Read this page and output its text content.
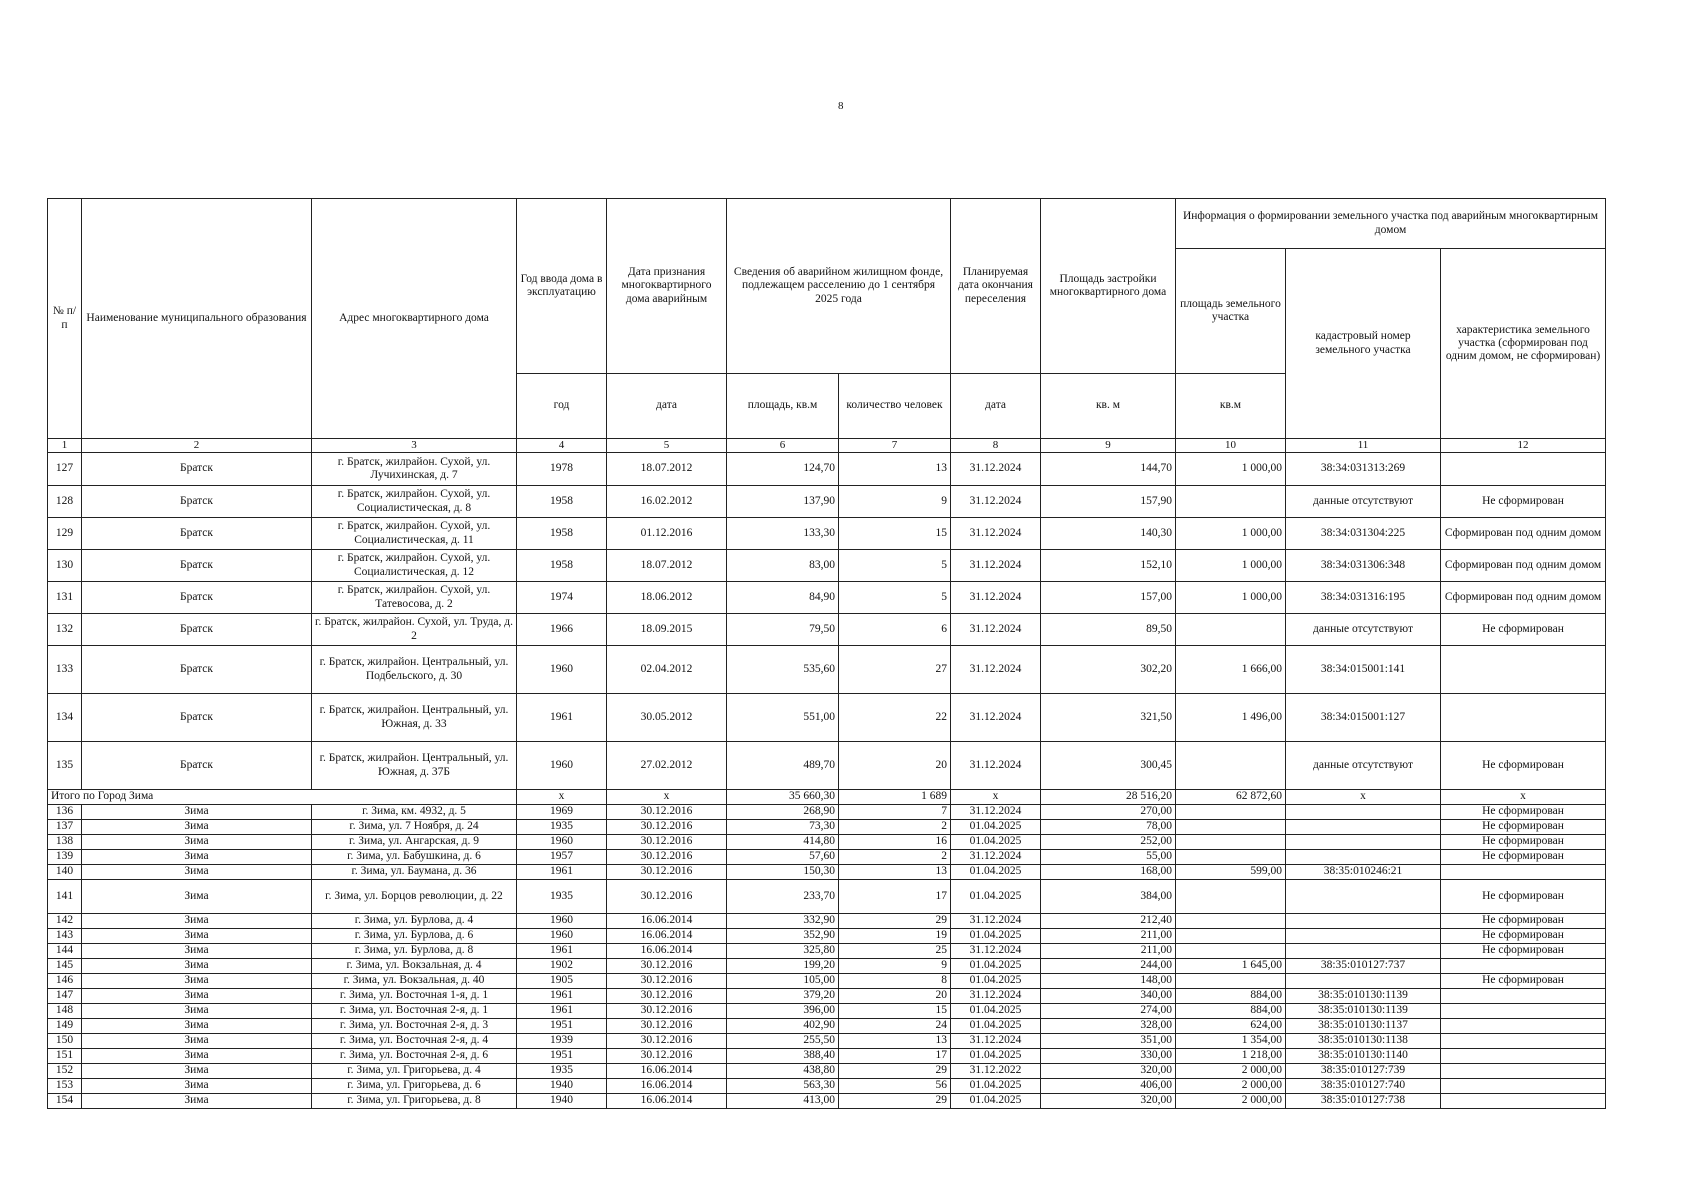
8
№ п/п	Наименование муниципального образования	Адрес многоквартирного дома	Год ввода дома в эксплуатацию	Дата признания многоквартирного дома аварийным	Сведения об аварийном жилищном фонде, подлежащем расселению до 1 сентября 2025 года		Планируемая дата окончания переселения	Площадь застройки многоквартирного дома	Информация о формировании земельного участка под аварийным многоквартирным домом		
									площадь земельного участка	кадастровый номер земельного участка	характеристика земельного участка (сформирован под одним домом, не сформирован)
			год	дата	площадь, кв.м	количество человек	дата	кв. м	кв.м		
1	2	3	4	5	6	7	8	9	10	11	12
127	Братск	г. Братск, жилрайон. Сухой, ул. Лучихинская, д. 7	1978	18.07.2012	124,70	13	31.12.2024	144,70	1 000,00	38:34:031313:269	
128	Братск	г. Братск, жилрайон. Сухой, ул. Социалистическая, д. 8	1958	16.02.2012	137,90	9	31.12.2024	157,90		данные отсутствуют	Не сформирован
129	Братск	г. Братск, жилрайон. Сухой, ул. Социалистическая, д. 11	1958	01.12.2016	133,30	15	31.12.2024	140,30	1 000,00	38:34:031304:225	Сформирован под одним домом
130	Братск	г. Братск, жилрайон. Сухой, ул. Социалистическая, д. 12	1958	18.07.2012	83,00	5	31.12.2024	152,10	1 000,00	38:34:031306:348	Сформирован под одним домом
131	Братск	г. Братск, жилрайон. Сухой, ул. Татевосова, д. 2	1974	18.06.2012	84,90	5	31.12.2024	157,00	1 000,00	38:34:031316:195	Сформирован под одним домом
132	Братск	г. Братск, жилрайон. Сухой, ул. Труда, д. 2	1966	18.09.2015	79,50	6	31.12.2024	89,50		данные отсутствуют	Не сформирован
133	Братск	г. Братск, жилрайон. Центральный, ул. Подбельского, д. 30	1960	02.04.2012	535,60	27	31.12.2024	302,20	1 666,00	38:34:015001:141	
134	Братск	г. Братск, жилрайон. Центральный, ул. Южная, д. 33	1961	30.05.2012	551,00	22	31.12.2024	321,50	1 496,00	38:34:015001:127	
135	Братск	г. Братск, жилрайон. Центральный, ул. Южная, д. 37Б	1960	27.02.2012	489,70	20	31.12.2024	300,45		данные отсутствуют	Не сформирован
Итого по Город Зима			x	x	35 660,30	1 689	x	28 516,20	62 872,60	x	x
136	Зима	г. Зима, км. 4932, д. 5	1969	30.12.2016	268,90	7	31.12.2024	270,00			Не сформирован
137	Зима	г. Зима, ул. 7 Ноября, д. 24	1935	30.12.2016	73,30	2	01.04.2025	78,00			Не сформирован
138	Зима	г. Зима, ул. Ангарская, д. 9	1960	30.12.2016	414,80	16	01.04.2025	252,00			Не сформирован
139	Зима	г. Зима, ул. Бабушкина, д. 6	1957	30.12.2016	57,60	2	31.12.2024	55,00			Не сформирован
140	Зима	г. Зима, ул. Баумана, д. 36	1961	30.12.2016	150,30	13	01.04.2025	168,00	599,00	38:35:010246:21	
141	Зима	г. Зима, ул. Борцов революции, д. 22	1935	30.12.2016	233,70	17	01.04.2025	384,00			Не сформирован
142	Зима	г. Зима, ул. Бурлова, д. 4	1960	16.06.2014	332,90	29	31.12.2024	212,40			Не сформирован
143	Зима	г. Зима, ул. Бурлова, д. 6	1960	16.06.2014	352,90	19	01.04.2025	211,00			Не сформирован
144	Зима	г. Зима, ул. Бурлова, д. 8	1961	16.06.2014	325,80	25	31.12.2024	211,00			Не сформирован
145	Зима	г. Зима, ул. Вокзальная, д. 4	1902	30.12.2016	199,20	9	01.04.2025	244,00	1 645,00	38:35:010127:737	
146	Зима	г. Зима, ул. Вокзальная, д. 40	1905	30.12.2016	105,00	8	01.04.2025	148,00			Не сформирован
147	Зима	г. Зима, ул. Восточная 1-я, д. 1	1961	30.12.2016	379,20	20	31.12.2024	340,00	884,00	38:35:010130:1139	
148	Зима	г. Зима, ул. Восточная 2-я, д. 1	1961	30.12.2016	396,00	15	01.04.2025	274,00	884,00	38:35:010130:1139	
149	Зима	г. Зима, ул. Восточная 2-я, д. 3	1951	30.12.2016	402,90	24	01.04.2025	328,00	624,00	38:35:010130:1137	
150	Зима	г. Зима, ул. Восточная 2-я, д. 4	1939	30.12.2016	255,50	13	31.12.2024	351,00	1 354,00	38:35:010130:1138	
151	Зима	г. Зима, ул. Восточная 2-я, д. 6	1951	30.12.2016	388,40	17	01.04.2025	330,00	1 218,00	38:35:010130:1140	
152	Зима	г. Зима, ул. Григорьева, д. 4	1935	16.06.2014	438,80	29	31.12.2022	320,00	2 000,00	38:35:010127:739	
153	Зима	г. Зима, ул. Григорьева, д. 6	1940	16.06.2014	563,30	56	01.04.2025	406,00	2 000,00	38:35:010127:740	
154	Зима	г. Зима, ул. Григорьева, д. 8	1940	16.06.2014	413,00	29	01.04.2025	320,00	2 000,00	38:35:010127:738	
